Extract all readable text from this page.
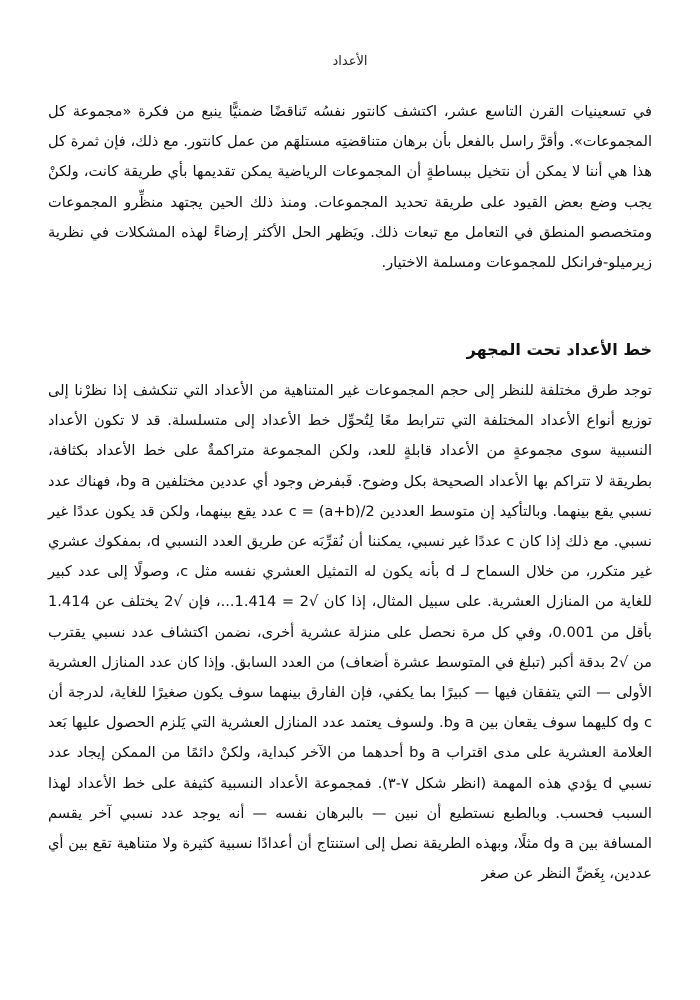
الأعداد

في تسعينيات القرن التاسع عشر، اكتشف كانتور نفسُه تَناقضًا ضمنيًّا ينبع من فكرة «مجموعة كل المجموعات». وأقرَّ راسل بالفعل بأن برهان متناقضتِه مستلهَم من عمل كانتور. مع ذلك، فإن ثمرة كل هذا هي أننا لا يمكن أن نتخيل ببساطةٍ أن المجموعات الرياضية يمكن تقديمها بأي طريقة كانت، ولكنْ يجب وضع بعض القيود على طريقة تحديد المجموعات. ومنذ ذلك الحين يجتهد منظِّرو المجموعات ومتخصصو المنطق في التعامل مع تبعات ذلك. ويَظهر الحل الأكثر إرضاءً لهذه المشكلات في نظرية زيرميلو-فرانكل للمجموعات ومسلمة الاختيار.

خط الأعداد تحت المجهر

توجد طرق مختلفة للنظر إلى حجم المجموعات غير المتناهية من الأعداد التي تنكشف إذا نظرْنا إلى توزيع أنواع الأعداد المختلفة التي تترابط معًا لِتُحوِّل خط الأعداد إلى متسلسلة. قد لا تكون الأعداد النسبية سوى مجموعةٍ من الأعداد قابلةٍ للعد، ولكن المجموعة متراكمةٌ على خط الأعداد بكثافة، بطريقة لا تتراكم بها الأعداد الصحيحة بكل وضوح. فَبفرض وجود أي عددين مختلفين a وb، فهناك عدد نسبي يقع بينهما. وبالتأكيد إن متوسط العددين c = (a+b)/2 عدد يقع بينهما، ولكن قد يكون عددًا غير نسبي. مع ذلك إذا كان c عددًا غير نسبي، يمكننا أن نُقرِّبَه عن طريق العدد النسبي d، بمفكوك عشري غير متكرر، من خلال السماح لـ d بأنه يكون له التمثيل العشري نفسه مثل c، وصولًا إلى عدد كبير للغاية من المنازل العشرية. على سبيل المثال، إذا كان √2 = 1.414...، فإن √2 يختلف عن 1.414 بأقل من 0.001، وفي كل مرة نحصل على منزلة عشرية أخرى، نضمن اكتشاف عدد نسبي يقترب من √2 بدقة أكبر (تبلغ في المتوسط عشرة أضعاف) من العدد السابق. وإذا كان عدد المنازل العشرية الأولى — التي يتفقان فيها — كبيرًا بما يكفي، فإن الفارق بينهما سوف يكون صغيرًا للغاية، لدرجة أن c وd كليهما سوف يقعان بين a وb. ولسوف يعتمد عدد المنازل العشرية التي يَلزم الحصول عليها بَعد العلامة العشرية على مدى اقتراب a وb أحدهما من الآخر كبداية، ولكنْ دائمًا من الممكن إيجاد عدد نسبي d يؤدي هذه المهمة (انظر شكل ٧-٣). فمجموعة الأعداد النسبية كثيفة على خط الأعداد لهذا السبب فحسب. وبالطبع نستطيع أن نبين — بالبرهان نفسه — أنه يوجد عدد نسبي آخر يقسم المسافة بين a وd مثلًا، وبهذه الطريقة نصل إلى استنتاج أن أعدادًا نسبية كثيرة ولا متناهية تقع بين أي عددين، بِغَضِّ النظر عن صغر
